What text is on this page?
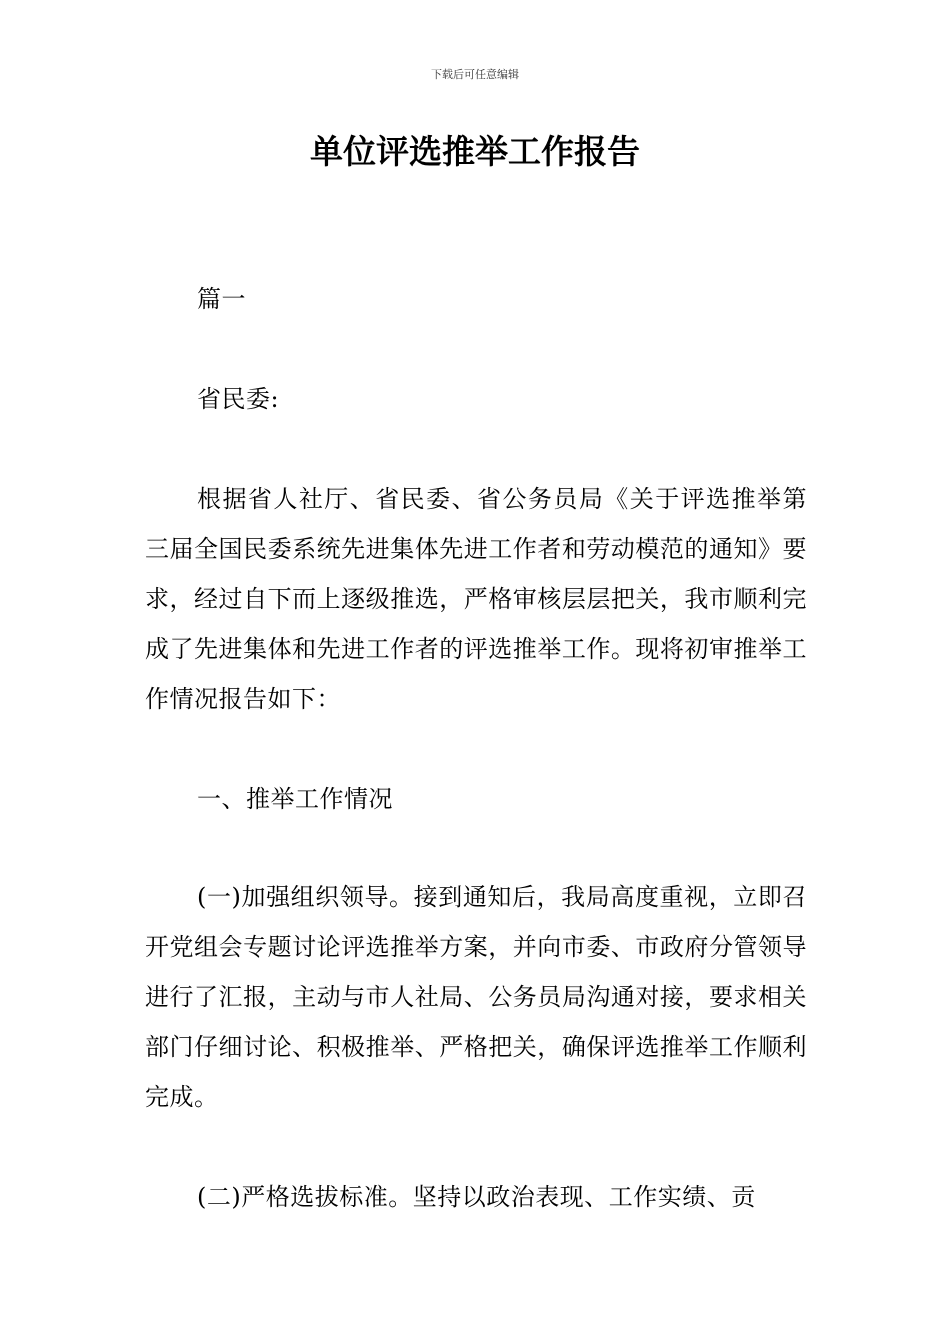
下载后可任意编辑
单位评选推举工作报告

篇一

省民委:

根据省人社厅、省民委、省公务员局《关于评选推举第三届全国民委系统先进集体先进工作者和劳动模范的通知》要求，经过自下而上逐级推选，严格审核层层把关，我市顺利完成了先进集体和先进工作者的评选推举工作。现将初审推举工作情况报告如下：

一、推举工作情况

(一)加强组织领导。接到通知后，我局高度重视，立即召开党组会专题讨论评选推举方案，并向市委、市政府分管领导进行了汇报，主动与市人社局、公务员局沟通对接，要求相关部门仔细讨论、积极推举、严格把关，确保评选推举工作顺利完成。

(二)严格选拔标准。坚持以政治表现、工作实绩、贡
